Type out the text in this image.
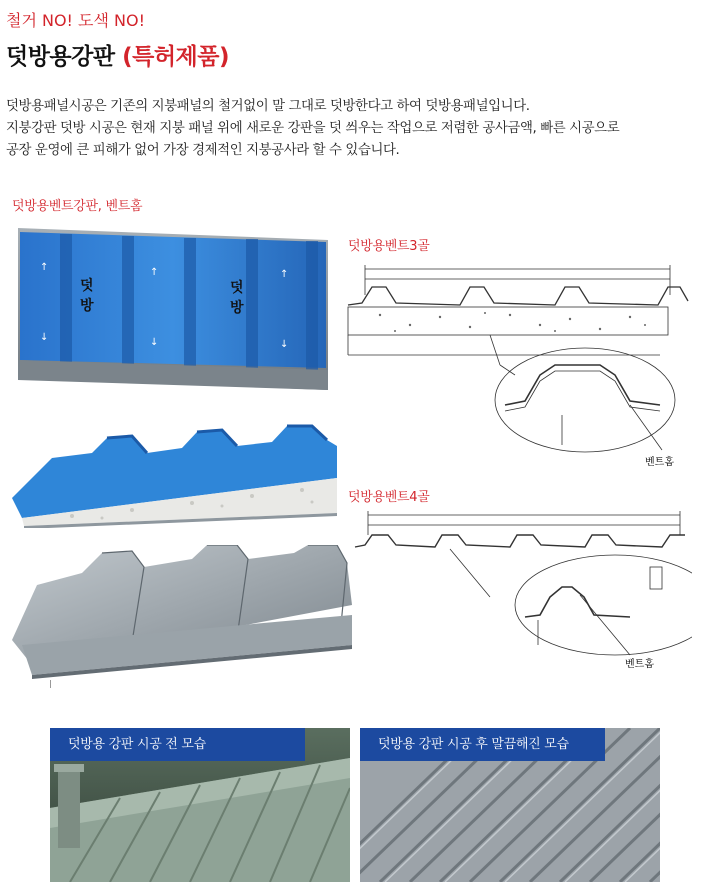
철거 NO! 도색 NO!
덧방용강판 (특허제품)

덧방용패널시공은 기존의 지붕패널의 철거없이 말 그대로 덧방한다고 하여 덧방용패널입니다.

지붕강판 덧방 시공은 현재 지붕 패널 위에 새로운 강판을 덧 씌우는 작업으로 저렴한 공사금액, 빠른 시공으로

공장 운영에 큰 피해가 없어 가장 경제적인 지붕공사라 할 수 있습니다.

덧방용벤트강판, 벤트홈
덧
방
덧
방
↑
↓
↑
↓
↑
↓
덧방용벤트3골
벤트홈
덧방용벤트4골
벤트홈
덧방용 강판 시공 전 모습	덧방용 강판 시공 후 말끔해진 모습
